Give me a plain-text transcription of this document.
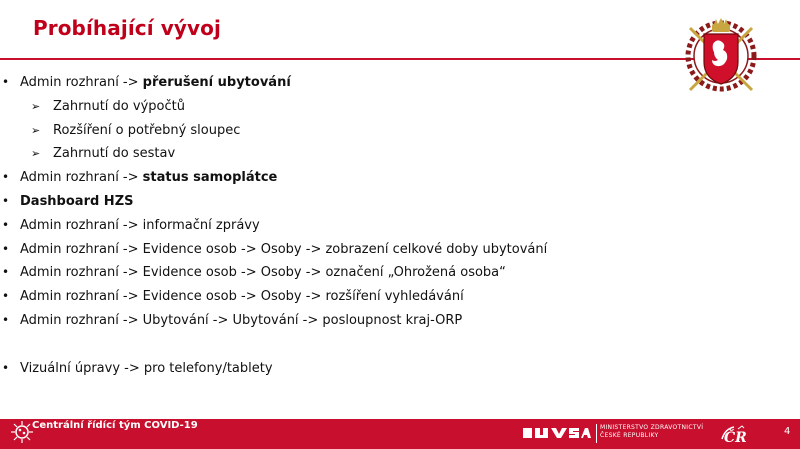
Probíhající vývoj
• Admin rozhraní -> přerušení ubytování
➢ Zahrnutí do výpočtů
➢ Rozšíření o potřebný sloupec
➢ Zahrnutí do sestav
• Admin rozhraní -> status samoplátce
• Dashboard HZS
• Admin rozhraní -> informační zprávy
• Admin rozhraní -> Evidence osob -> Osoby -> zobrazení celkové doby ubytování
• Admin rozhraní -> Evidence osob -> Osoby -> označení „Ohrožená osoba“
• Admin rozhraní -> Evidence osob -> Osoby -> rozšíření vyhledávání
• Admin rozhraní -> Ubytování -> Ubytování -> posloupnost kraj-ORP
• Vizuální úpravy -> pro telefony/tablety
Centrální řídící tým COVID-19	MINISTERSTVO ZDRAVOTNICTVÍ
ČESKÉ REPUBLIKY	ČR	4
